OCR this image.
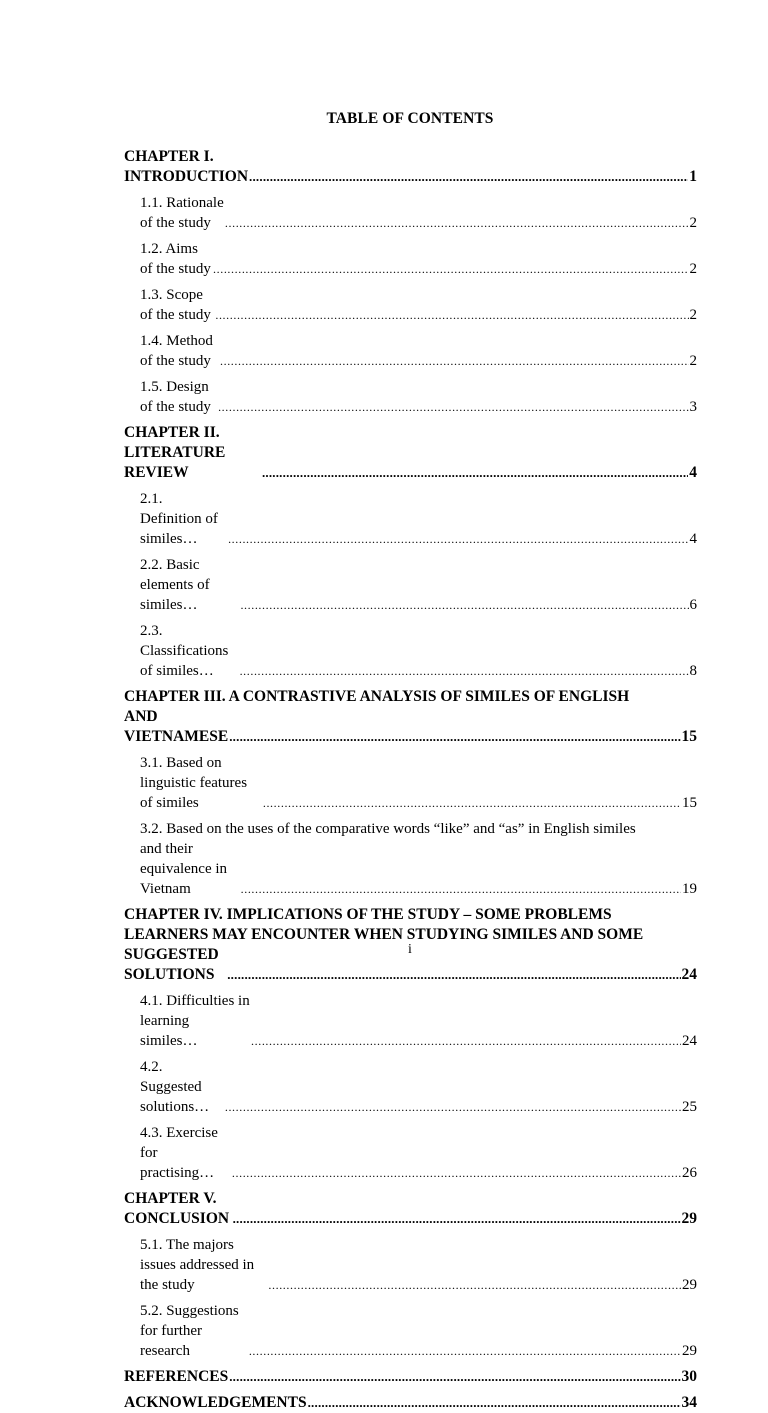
TABLE OF CONTENTS
CHAPTER I. INTRODUCTION .....	1
1.1. Rationale of the study .....	2
1.2. Aims of the study .....	2
1.3. Scope of the study .....	2
1.4. Method of the study .....	2
1.5. Design of the study .....	3
CHAPTER II. LITERATURE REVIEW .....	4
2.1. Definition of similes… .....	4
2.2. Basic elements of similes… .....	6
2.3. Classifications of similes… .....	8
CHAPTER III. A CONTRASTIVE ANALYSIS OF SIMILES OF ENGLISH
AND VIETNAMESE .....	15
3.1. Based on linguistic features of similes .....	15
3.2. Based on the uses of the comparative words “like” and “as” in English similes
and their equivalence in Vietnam .....	19
CHAPTER IV. IMPLICATIONS OF THE STUDY – SOME PROBLEMS
LEARNERS MAY ENCOUNTER WHEN STUDYING SIMILES AND SOME
SUGGESTED SOLUTIONS .....	24
4.1. Difficulties in learning similes… .....	24
4.2. Suggested solutions… .....	25
4.3. Exercise for practising… .....	26
CHAPTER V. CONCLUSION .....	29
5.1. The majors issues addressed in the study .....	29
5.2. Suggestions for further research .....	29
REFERENCES .....	30
ACKNOWLEDGEMENTS .....	34
i
